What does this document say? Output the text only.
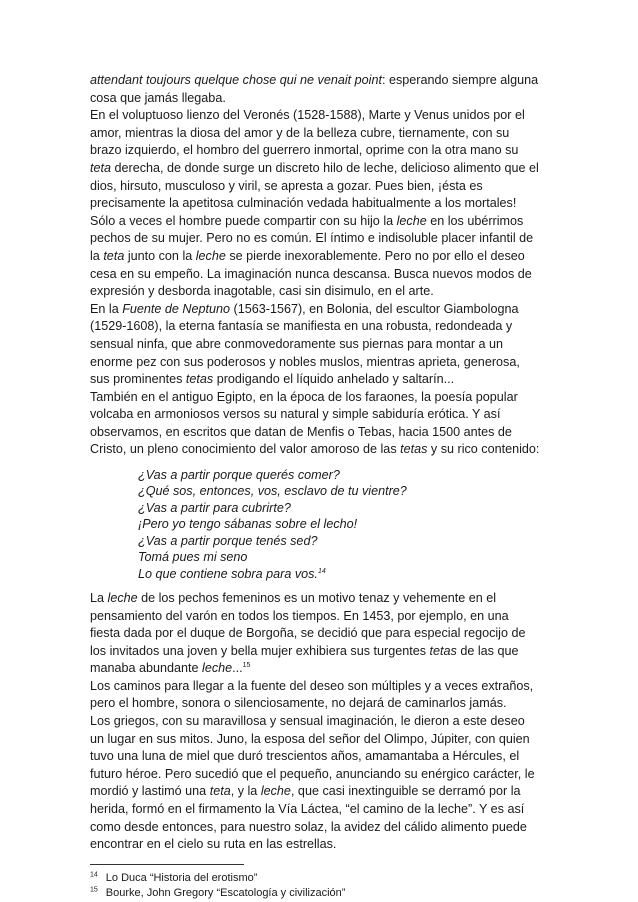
attendant toujours quelque chose qui ne venait point: esperando siempre alguna cosa que jamás llegaba.

En el voluptuoso lienzo del Veronés (1528-1588), Marte y Venus unidos por el amor, mientras la diosa del amor y de la belleza cubre, tiernamente, con su brazo izquierdo, el hombro del guerrero inmortal, oprime con la otra mano su teta derecha, de donde surge un discreto hilo de leche, delicioso alimento que el dios, hirsuto, musculoso y viril, se apresta a gozar. Pues bien, ¡ésta es precisamente la apetitosa culminación vedada habitualmente a los mortales!

Sólo a veces el hombre puede compartir con su hijo la leche en los ubérrimos pechos de su mujer. Pero no es común. El íntimo e indisoluble placer infantil de la teta junto con la leche se pierde inexorablemente. Pero no por ello el deseo cesa en su empeño. La imaginación nunca descansa. Busca nuevos modos de expresión y desborda inagotable, casi sin disimulo, en el arte.

En la Fuente de Neptuno (1563-1567), en Bolonia, del escultor Giambologna (1529-1608), la eterna fantasía se manifiesta en una robusta, redondeada y sensual ninfa, que abre conmovedoramente sus piernas para montar a un enorme pez con sus poderosos y nobles muslos, mientras aprieta, generosa, sus prominentes tetas prodigando el líquido anhelado y saltarín...

También en el antiguo Egipto, en la época de los faraones, la poesía popular volcaba en armoniosos versos su natural y simple sabiduría erótica. Y así observamos, en escritos que datan de Menfis o Tebas, hacia 1500 antes de Cristo, un pleno conocimiento del valor amoroso de las tetas y su rico contenido:

¿Vas a partir porque querés comer?
¿Qué sos, entonces, vos, esclavo de tu vientre?
¿Vas a partir para cubrirte?
¡Pero yo tengo sábanas sobre el lecho!
¿Vas a partir porque tenés sed?
Tomá pues mi seno
Lo que contiene sobra para vos.$^{14}$

La leche de los pechos femeninos es un motivo tenaz y vehemente en el pensamiento del varón en todos los tiempos. En 1453, por ejemplo, en una fiesta dada por el duque de Borgoña, se decidió que para especial regocijo de los invitados una joven y bella mujer exhibiera sus turgentes tetas de las que manaba abundante leche...$^{15}$

Los caminos para llegar a la fuente del deseo son múltiples y a veces extraños, pero el hombre, sonora o silenciosamente, no dejará de caminarlos jamás.

Los griegos, con su maravillosa y sensual imaginación, le dieron a este deseo un lugar en sus mitos. Juno, la esposa del señor del Olimpo, Júpiter, con quien tuvo una luna de miel que duró trescientos años, amamantaba a Hércules, el futuro héroe. Pero sucedió que el pequeño, anunciando su enérgico carácter, le mordió y lastimó una teta, y la leche, que casi inextinguible se derramó por la herida, formó en el firmamento la Vía Láctea, “el camino de la leche”. Y es así como desde entonces, para nuestro solaz, la avidez del cálido alimento puede encontrar en el cielo su ruta en las estrellas.

$^{14}$ Lo Duca “Historia del erotismo”
$^{15}$ Bourke, John Gregory “Escatología y civilización”
